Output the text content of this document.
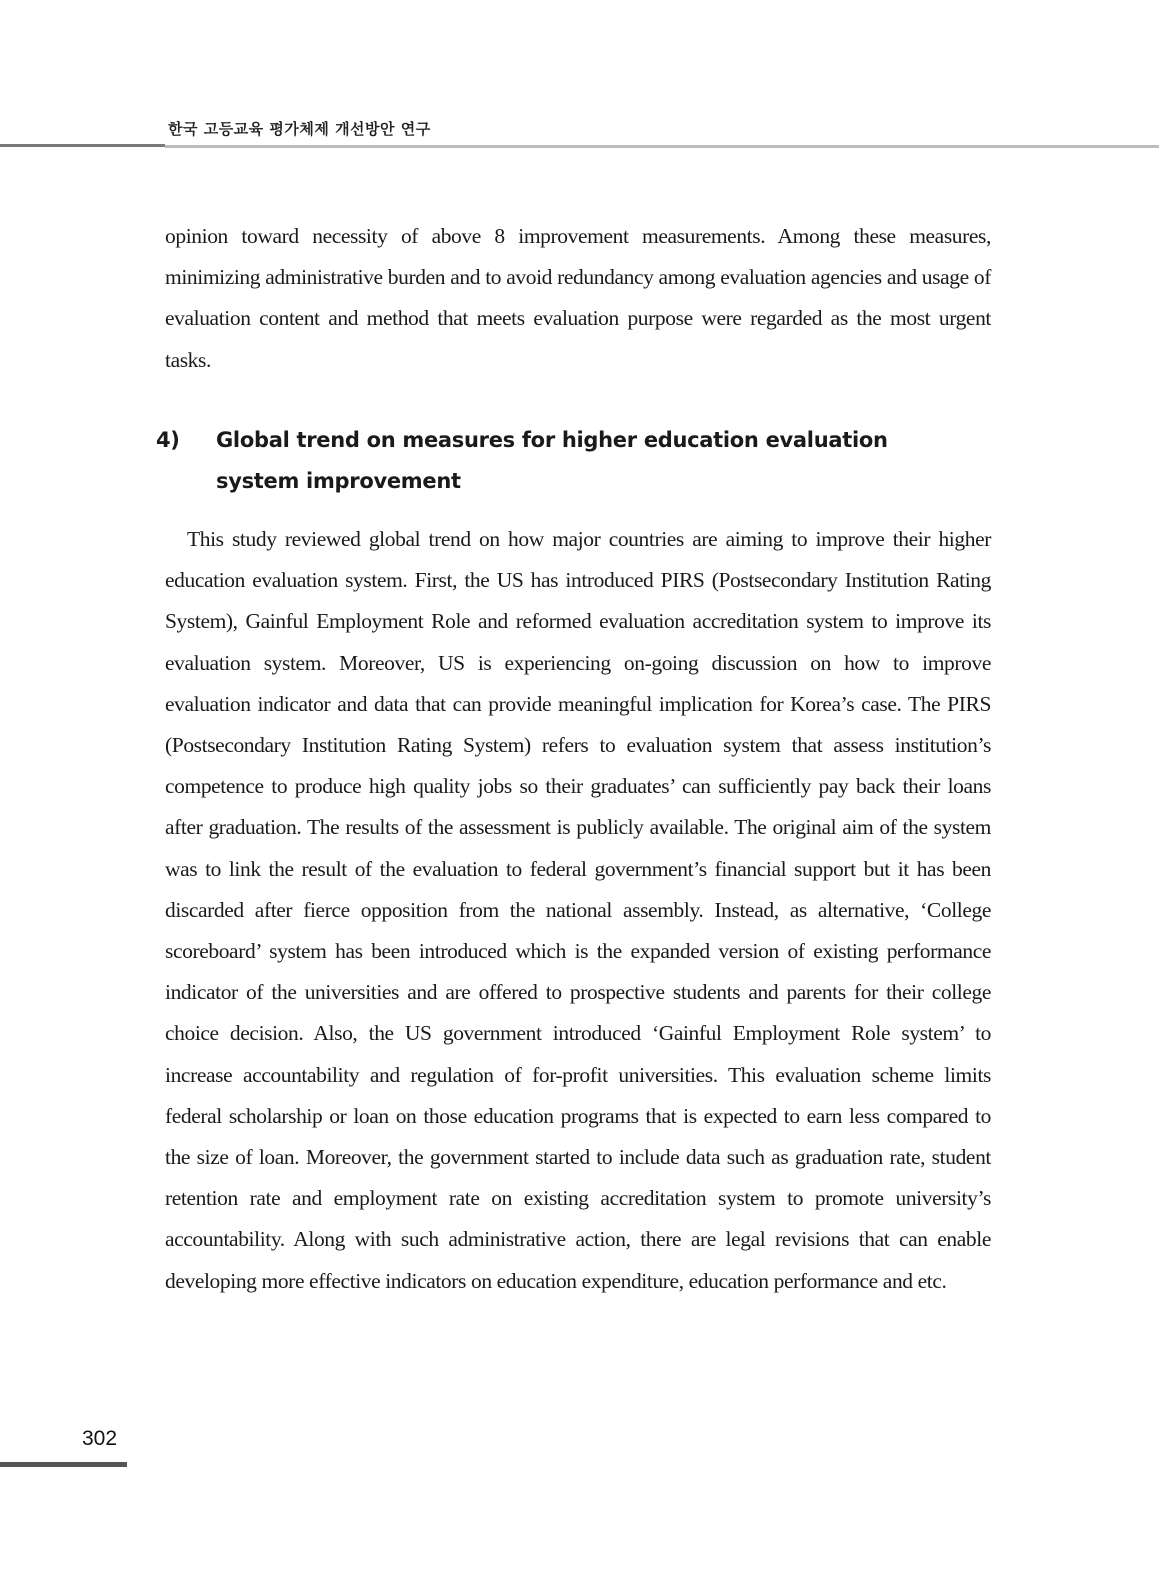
한국 고등교육 평가체제 개선방안 연구
opinion toward necessity of above 8 improvement measurements. Among these measures, minimizing administrative burden and to avoid redundancy among evaluation agencies and usage of evaluation content and method that meets evaluation purpose were regarded as the most urgent tasks.
4) Global trend on measures for higher education evaluation system improvement
This study reviewed global trend on how major countries are aiming to improve their higher education evaluation system. First, the US has introduced PIRS (Postsecondary Institution Rating System), Gainful Employment Role and reformed evaluation accreditation system to improve its evaluation system. Moreover, US is experiencing on-going discussion on how to improve evaluation indicator and data that can provide meaningful implication for Korea’s case. The PIRS (Postsecondary Institution Rating System) refers to evaluation system that assess institution’s competence to produce high quality jobs so their graduates’ can sufficiently pay back their loans after graduation. The results of the assessment is publicly available. The original aim of the system was to link the result of the evaluation to federal government’s financial support but it has been discarded after fierce opposition from the national assembly. Instead, as alternative, ‘College scoreboard’ system has been introduced which is the expanded version of existing performance indicator of the universities and are offered to prospective students and parents for their college choice decision. Also, the US government introduced ‘Gainful Employment Role system’ to increase accountability and regulation of for-profit universities. This evaluation scheme limits federal scholarship or loan on those education programs that is expected to earn less compared to the size of loan. Moreover, the government started to include data such as graduation rate, student retention rate and employment rate on existing accreditation system to promote university’s accountability. Along with such administrative action, there are legal revisions that can enable developing more effective indicators on education expenditure, education performance and etc.
302
